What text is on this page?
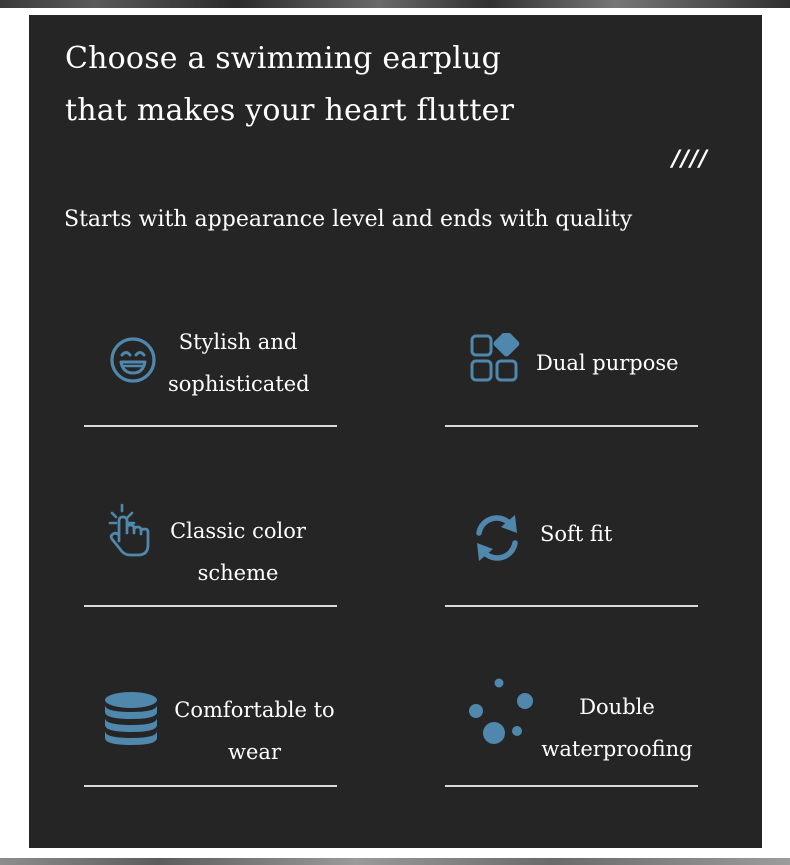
Choose a swimming earplug
that makes your heart flutter
////

Starts with appearance level and ends with quality

Stylish and
sophisticated
Dual purpose
Classic color
scheme
Soft fit
Comfortable to
wear
Double
waterproofing
